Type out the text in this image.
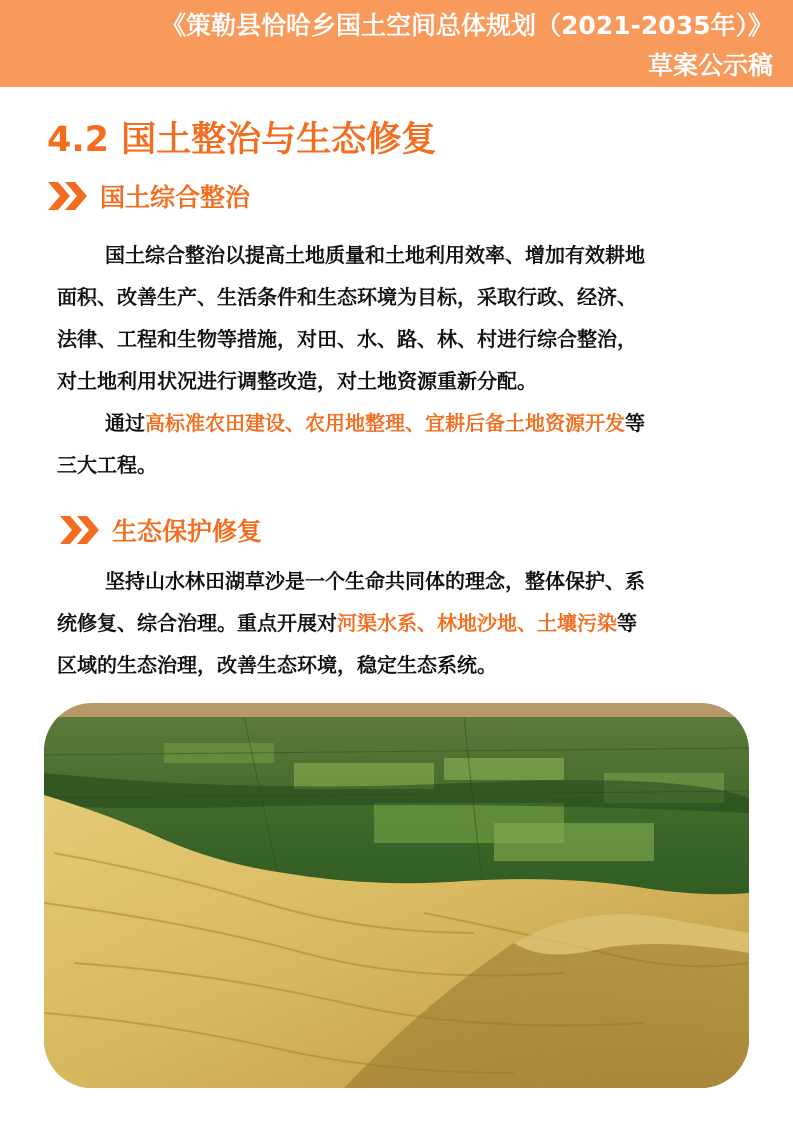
《策勒县恰哈乡国土空间总体规划（2021-2035年）》
草案公示稿
4.2 国土整治与生态修复
国土综合整治
国土综合整治以提高土地质量和土地利用效率、增加有效耕地
面积、改善生产、生活条件和生态环境为目标，采取行政、经济、
法律、工程和生物等措施，对田、水、路、林、村进行综合整治，
对土地利用状况进行调整改造，对土地资源重新分配。
通过高标准农田建设、农用地整理、宜耕后备土地资源开发等
三大工程。
生态保护修复
坚持山水林田湖草沙是一个生命共同体的理念，整体保护、系
统修复、综合治理。重点开展对河渠水系、林地沙地、土壤污染等
区域的生态治理，改善生态环境，稳定生态系统。
